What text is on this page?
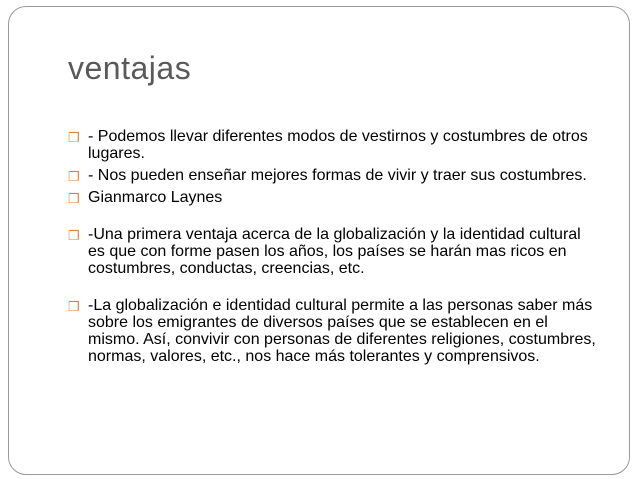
ventajas
❒ - Podemos llevar diferentes modos de vestirnos y costumbres de otros lugares.
❒ - Nos pueden enseñar mejores formas de vivir y traer sus costumbres.
❒ Gianmarco Laynes
❒ -Una primera ventaja acerca de la globalización y la identidad cultural es que con forme pasen los años, los países se harán mas ricos en costumbres, conductas, creencias, etc.
❒ -La globalización e identidad cultural permite a las personas saber más sobre los emigrantes de diversos países que se establecen en el mismo. Así, convivir con personas de diferentes religiones, costumbres, normas, valores, etc., nos hace más tolerantes y comprensivos.
